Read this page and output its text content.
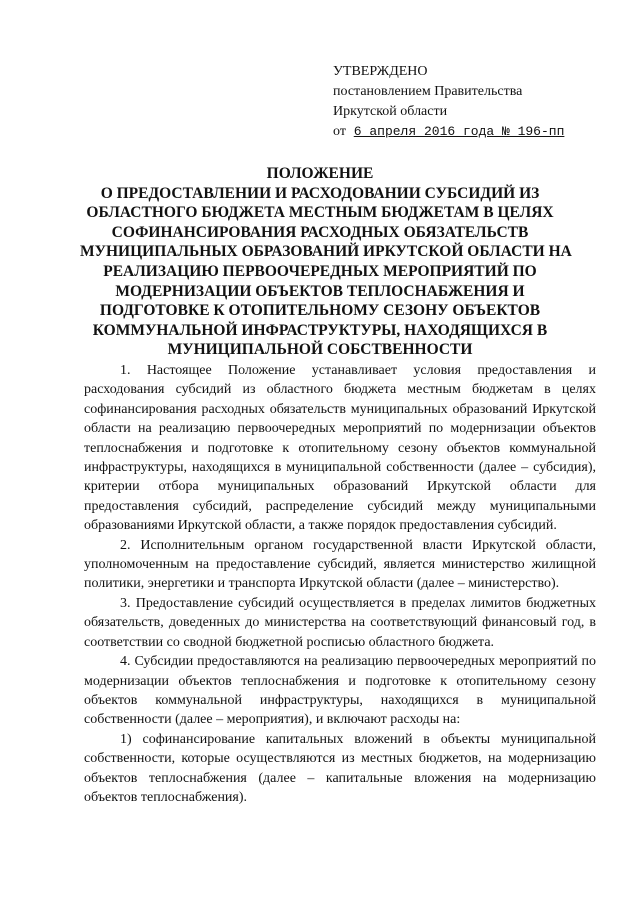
УТВЕРЖДЕНО
постановлением Правительства
Иркутской области
от 6 апреля 2016 года № 196-пп
ПОЛОЖЕНИЕ
О ПРЕДОСТАВЛЕНИИ И РАСХОДОВАНИИ СУБСИДИЙ ИЗ
ОБЛАСТНОГО БЮДЖЕТА МЕСТНЫМ БЮДЖЕТАМ В ЦЕЛЯХ
СОФИНАНСИРОВАНИЯ РАСХОДНЫХ ОБЯЗАТЕЛЬСТВ
МУНИЦИПАЛЬНЫХ ОБРАЗОВАНИЙ ИРКУТСКОЙ ОБЛАСТИ НА
РЕАЛИЗАЦИЮ ПЕРВООЧЕРЕДНЫХ МЕРОПРИЯТИЙ ПО
МОДЕРНИЗАЦИИ ОБЪЕКТОВ ТЕПЛОСНАБЖЕНИЯ И
ПОДГОТОВКЕ К ОТОПИТЕЛЬНОМУ СЕЗОНУ ОБЪЕКТОВ
КОММУНАЛЬНОЙ ИНФРАСТРУКТУРЫ, НАХОДЯЩИХСЯ В
МУНИЦИПАЛЬНОЙ СОБСТВЕННОСТИ

1. Настоящее Положение устанавливает условия предоставления и расходования субсидий из областного бюджета местным бюджетам в целях софинансирования расходных обязательств муниципальных образований Иркутской области на реализацию первоочередных мероприятий по модернизации объектов теплоснабжения и подготовке к отопительному сезону объектов коммунальной инфраструктуры, находящихся в муниципальной собственности (далее – субсидия), критерии отбора муниципальных образований Иркутской области для предоставления субсидий, распределение субсидий между муниципальными образованиями Иркутской области, а также порядок предоставления субсидий.

2. Исполнительным органом государственной власти Иркутской области, уполномоченным на предоставление субсидий, является министерство жилищной политики, энергетики и транспорта Иркутской области (далее – министерство).

3. Предоставление субсидий осуществляется в пределах лимитов бюджетных обязательств, доведенных до министерства на соответствующий финансовый год, в соответствии со сводной бюджетной росписью областного бюджета.

4. Субсидии предоставляются на реализацию первоочередных мероприятий по модернизации объектов теплоснабжения и подготовке к отопительному сезону объектов коммунальной инфраструктуры, находящихся в муниципальной собственности (далее – мероприятия), и включают расходы на:

1) софинансирование капитальных вложений в объекты муниципальной собственности, которые осуществляются из местных бюджетов, на модернизацию объектов теплоснабжения (далее – капитальные вложения на модернизацию объектов теплоснабжения).
